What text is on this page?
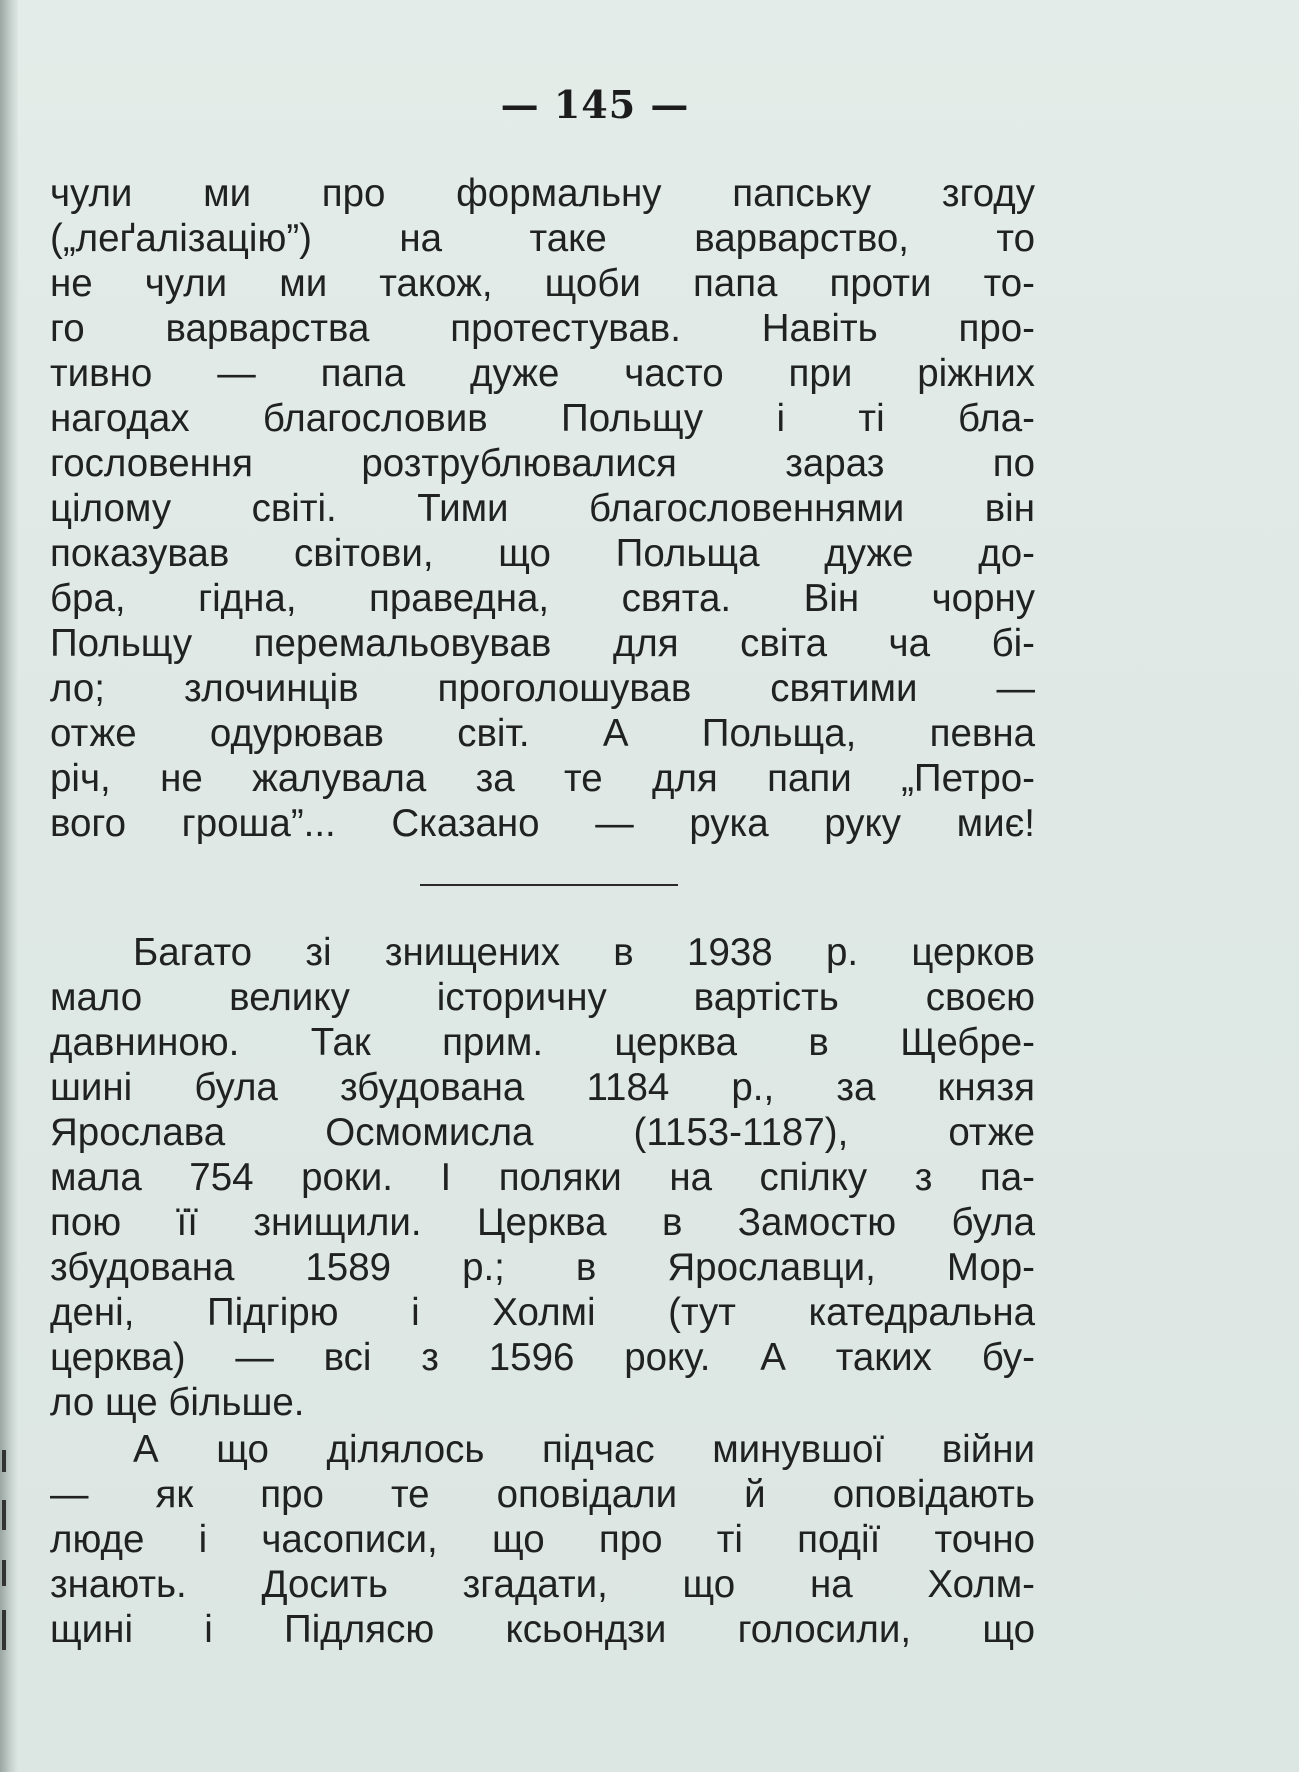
— 145 —
чули ми про формальну папську згоду
(„леґалізацію”) на таке варварство, то
не чули ми також, щоби папа проти то-
го варварства протестував. Навіть про-
тивно — папа дуже часто при ріжних
нагодах благословив Польщу і ті бла-
гословення розтрублювалися зараз по
цілому світі. Тими благословеннями він
показував світови, що Польща дуже до-
бра, гідна, праведна, свята. Він чорну
Польщу перемальовував для світа ча бі-
ло; злочинців проголошував святими —
отже одурював світ. А Польща, певна
річ, не жалувала за те для папи „Петро-
вого гроша”... Сказано — рука руку миє!
Багато зі знищених в 1938 р. церков
мало велику історичну вартість своєю
давниною. Так прим. церква в Щебре-
шині була збудована 1184 р., за князя
Ярослава Осмомисла (1153-1187), отже
мала 754 роки. І поляки на спілку з па-
пою її знищили. Церква в Замостю була
збудована 1589 р.; в Ярославци, Мор-
дені, Підгірю і Холмі (тут катедральна
церква) — всі з 1596 року. А таких бу-
ло ще більше.
А що ділялось підчас минувшої війни
— як про те оповідали й оповідають
люде і часописи, що про ті події точно
знають. Досить згадати, що на Холм-
щині і Підлясю ксьондзи голосили, що
